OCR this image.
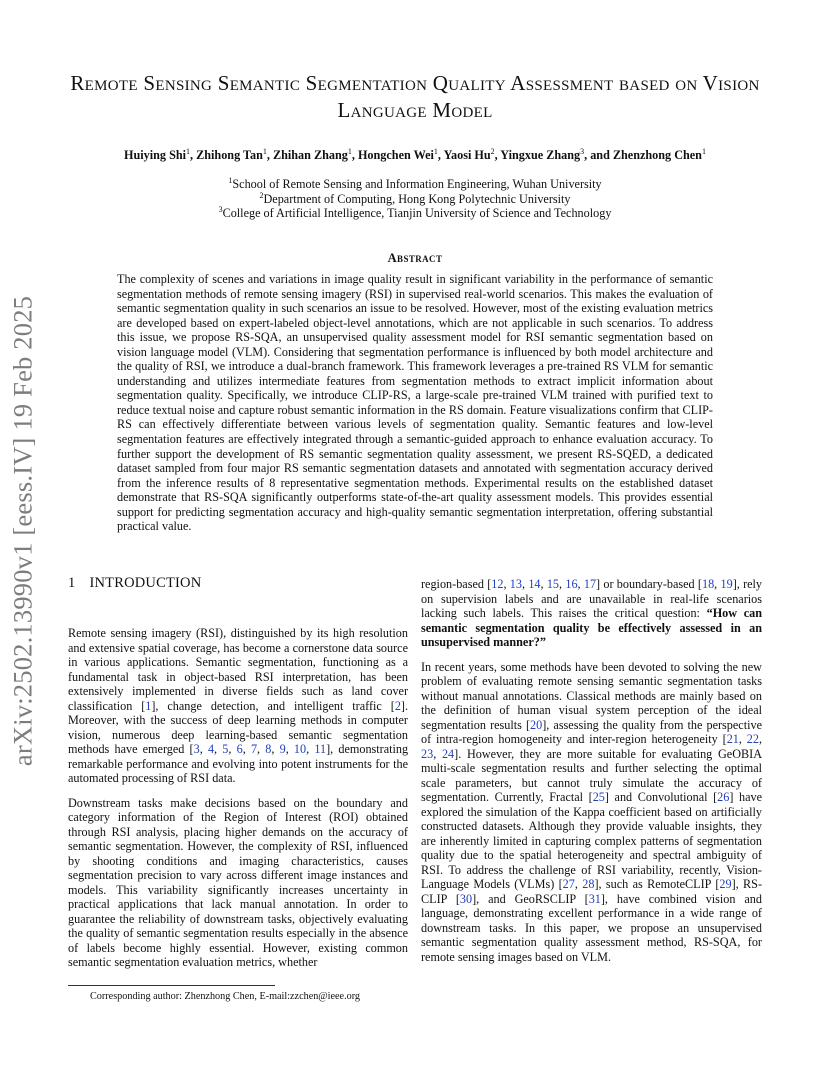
arXiv:2502.13990v1 [eess.IV] 19 Feb 2025
Remote Sensing Semantic Segmentation Quality Assessment based on Vision Language Model
Huiying Shi$^1$, Zhihong Tan$^1$, Zhihan Zhang$^1$, Hongchen Wei$^1$, Yaosi Hu$^2$, Yingxue Zhang$^3$, and Zhenzhong Chen$^1$
$^1$School of Remote Sensing and Information Engineering, Wuhan University
$^2$Department of Computing, Hong Kong Polytechnic University
$^3$College of Artificial Intelligence, Tianjin University of Science and Technology
Abstract
The complexity of scenes and variations in image quality result in significant variability in the performance of semantic segmentation methods of remote sensing imagery (RSI) in supervised real-world scenarios. This makes the evaluation of semantic segmentation quality in such scenarios an issue to be resolved. However, most of the existing evaluation metrics are developed based on expert-labeled object-level annotations, which are not applicable in such scenarios. To address this issue, we propose RS-SQA, an unsupervised quality assessment model for RSI semantic segmentation based on vision language model (VLM). Considering that segmentation performance is influenced by both model architecture and the quality of RSI, we introduce a dual-branch framework. This framework leverages a pre-trained RS VLM for semantic understanding and utilizes intermediate features from segmentation methods to extract implicit information about segmentation quality. Specifically, we introduce CLIP-RS, a large-scale pre-trained VLM trained with purified text to reduce textual noise and capture robust semantic information in the RS domain. Feature visualizations confirm that CLIP-RS can effectively differentiate between various levels of segmentation quality. Semantic features and low-level segmentation features are effectively integrated through a semantic-guided approach to enhance evaluation accuracy. To further support the development of RS semantic segmentation quality assessment, we present RS-SQED, a dedicated dataset sampled from four major RS semantic segmentation datasets and annotated with segmentation accuracy derived from the inference results of 8 representative segmentation methods. Experimental results on the established dataset demonstrate that RS-SQA significantly outperforms state-of-the-art quality assessment models. This provides essential support for predicting segmentation accuracy and high-quality semantic segmentation interpretation, offering substantial practical value.
1 INTRODUCTION

Remote sensing imagery (RSI), distinguished by its high resolution and extensive spatial coverage, has become a cornerstone data source in various applications. Semantic segmentation, functioning as a fundamental task in object-based RSI interpretation, has been extensively implemented in diverse fields such as land cover classification [1], change detection, and intelligent traffic [2]. Moreover, with the success of deep learning methods in computer vision, numerous deep learning-based semantic segmentation methods have emerged [3, 4, 5, 6, 7, 8, 9, 10, 11], demonstrating remarkable performance and evolving into potent instruments for the automated processing of RSI data.

Downstream tasks make decisions based on the boundary and category information of the Region of Interest (ROI) obtained through RSI analysis, placing higher demands on the accuracy of semantic segmentation. However, the complexity of RSI, influenced by shooting conditions and imaging characteristics, causes segmentation precision to vary across different image instances and models. This variability significantly increases uncertainty in practical applications that lack manual annotation. In order to guarantee the reliability of downstream tasks, objectively evaluating the quality of semantic segmentation results especially in the absence of labels become highly essential. However, existing common semantic segmentation evaluation metrics, whether

region-based [12, 13, 14, 15, 16, 17] or boundary-based [18, 19], rely on supervision labels and are unavailable in real-life scenarios lacking such labels. This raises the critical question: “How can semantic segmentation quality be effectively assessed in an unsupervised manner?”

In recent years, some methods have been devoted to solving the new problem of evaluating remote sensing semantic segmentation tasks without manual annotations. Classical methods are mainly based on the definition of human visual system perception of the ideal segmentation results [20], assessing the quality from the perspective of intra-region homogeneity and inter-region heterogeneity [21, 22, 23, 24]. However, they are more suitable for evaluating GeOBIA multi-scale segmentation results and further selecting the optimal scale parameters, but cannot truly simulate the accuracy of segmentation. Currently, Fractal [25] and Convolutional [26] have explored the simulation of the Kappa coefficient based on artificially constructed datasets. Although they provide valuable insights, they are inherently limited in capturing complex patterns of segmentation quality due to the spatial heterogeneity and spectral ambiguity of RSI. To address the challenge of RSI variability, recently, Vision-Language Models (VLMs) [27, 28], such as RemoteCLIP [29], RS-CLIP [30], and GeoRSCLIP [31], have combined vision and language, demonstrating excellent performance in a wide range of downstream tasks. In this paper, we propose an unsupervised semantic segmentation quality assessment method, RS-SQA, for remote sensing images based on VLM.

Corresponding author: Zhenzhong Chen, E-mail:zzchen@ieee.org
